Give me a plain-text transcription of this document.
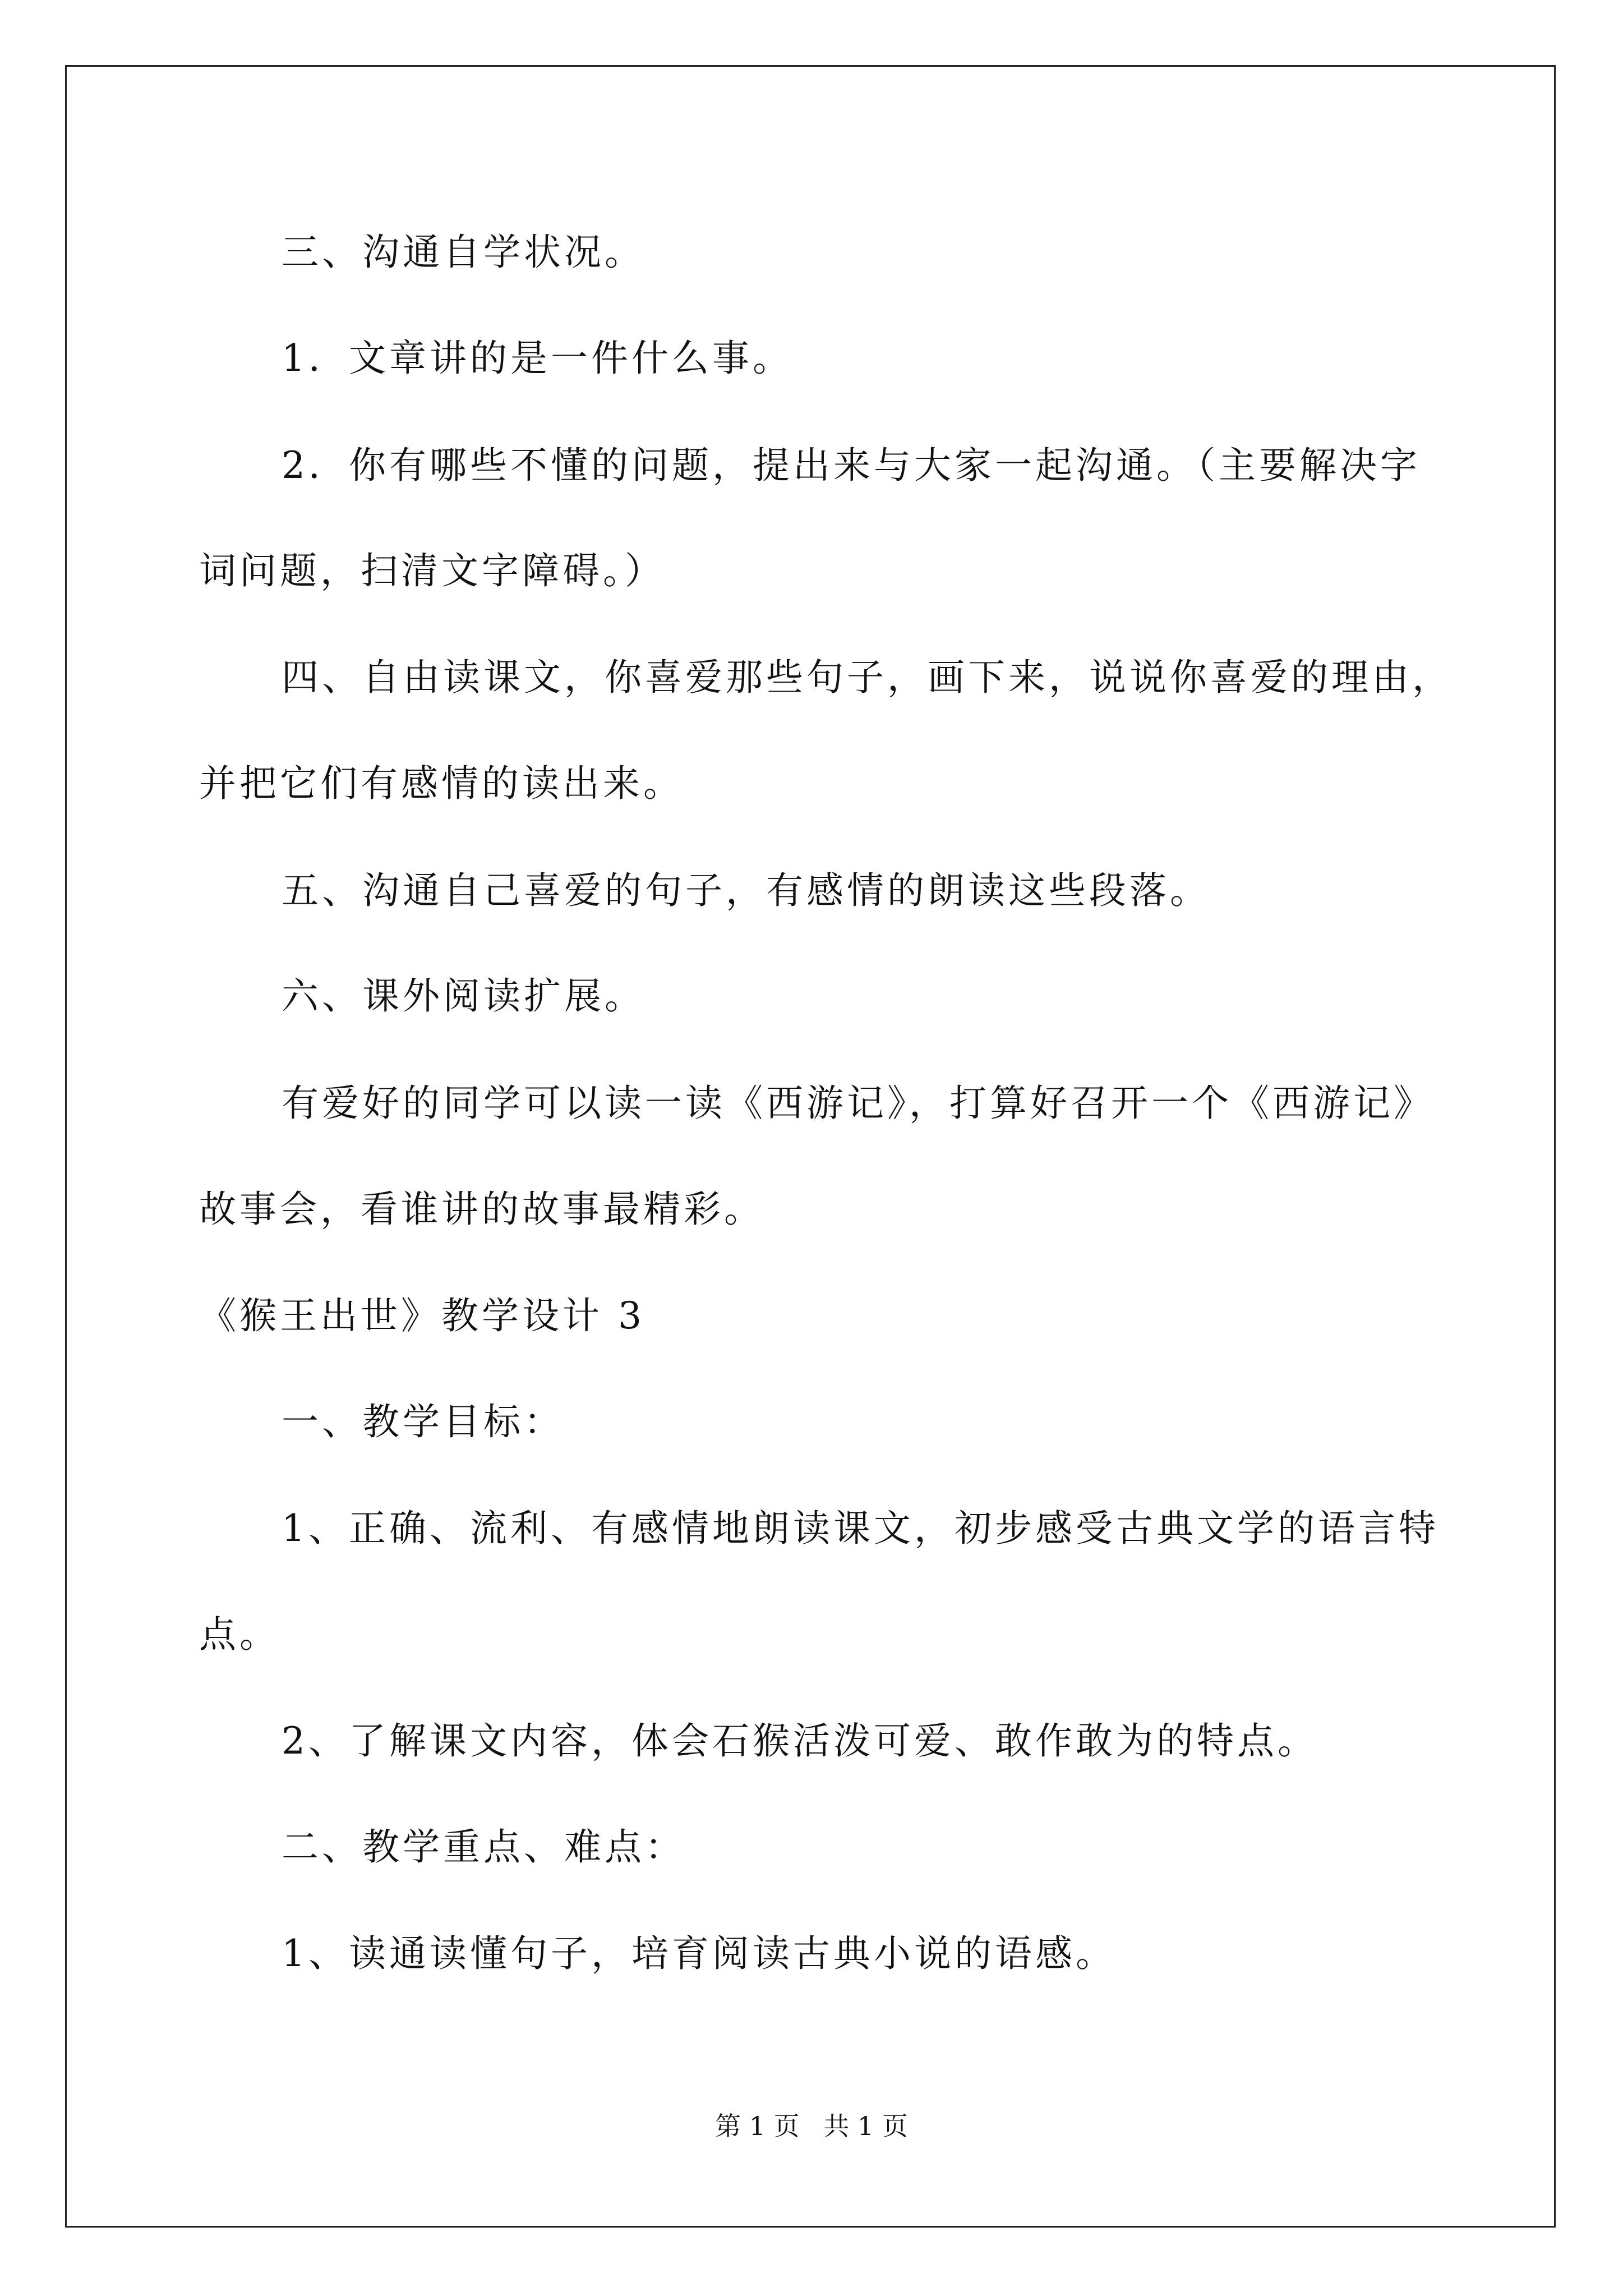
三、沟通自学状况。
1．文章讲的是一件什么事。
2．你有哪些不懂的问题，提出来与大家一起沟通。（主要解决字
词问题，扫清文字障碍。）
四、自由读课文，你喜爱那些句子，画下来，说说你喜爱的理由，
并把它们有感情的读出来。
五、沟通自己喜爱的句子，有感情的朗读这些段落。
六、课外阅读扩展。
有爱好的同学可以读一读《西游记》，打算好召开一个《西游记》
故事会，看谁讲的故事最精彩。
《猴王出世》教学设计 3
一、教学目标：
1、正确、流利、有感情地朗读课文，初步感受古典文学的语言特
点。
2、了解课文内容，体会石猴活泼可爱、敢作敢为的特点。
二、教学重点、难点：
1、读通读懂句子，培育阅读古典小说的语感。
第 1 页 共 1 页
